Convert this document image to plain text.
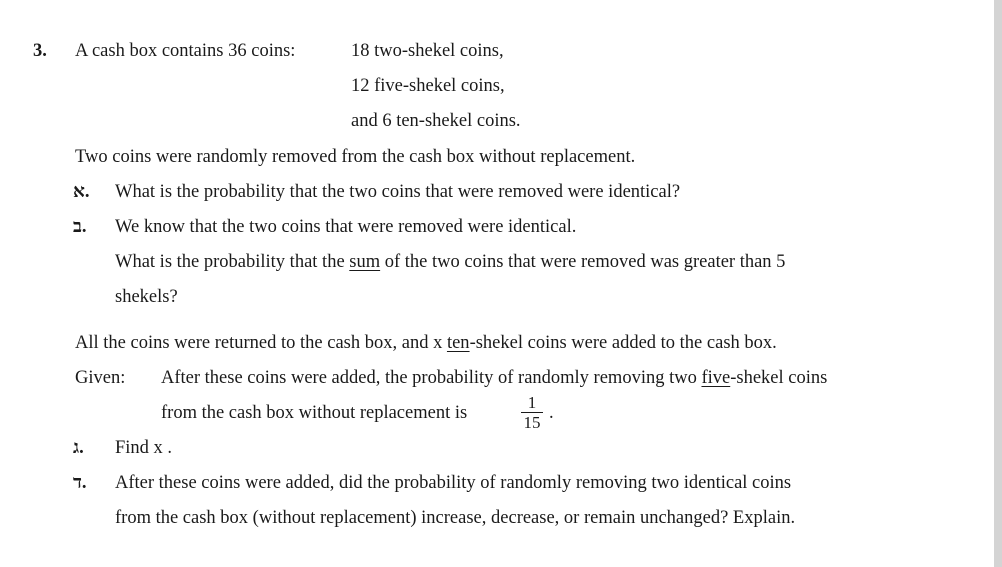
3. A cash box contains 36 coins:	18 two-shekel coins,
12 five-shekel coins,
and 6 ten-shekel coins.
Two coins were randomly removed from the cash box without replacement.
א. What is the probability that the two coins that were removed were identical?
ב. We know that the two coins that were removed were identical.
What is the probability that the sum of the two coins that were removed was greater than 5
shekels?
All the coins were returned to the cash box, and x ten-shekel coins were added to the cash box.
Given: After these coins were added, the probability of randomly removing two five-shekel coins
from the cash box without replacement is	$\frac{1}{15}$ .
ג. Find x .
ד. After these coins were added, did the probability of randomly removing two identical coins
from the cash box (without replacement) increase, decrease, or remain unchanged? Explain.
